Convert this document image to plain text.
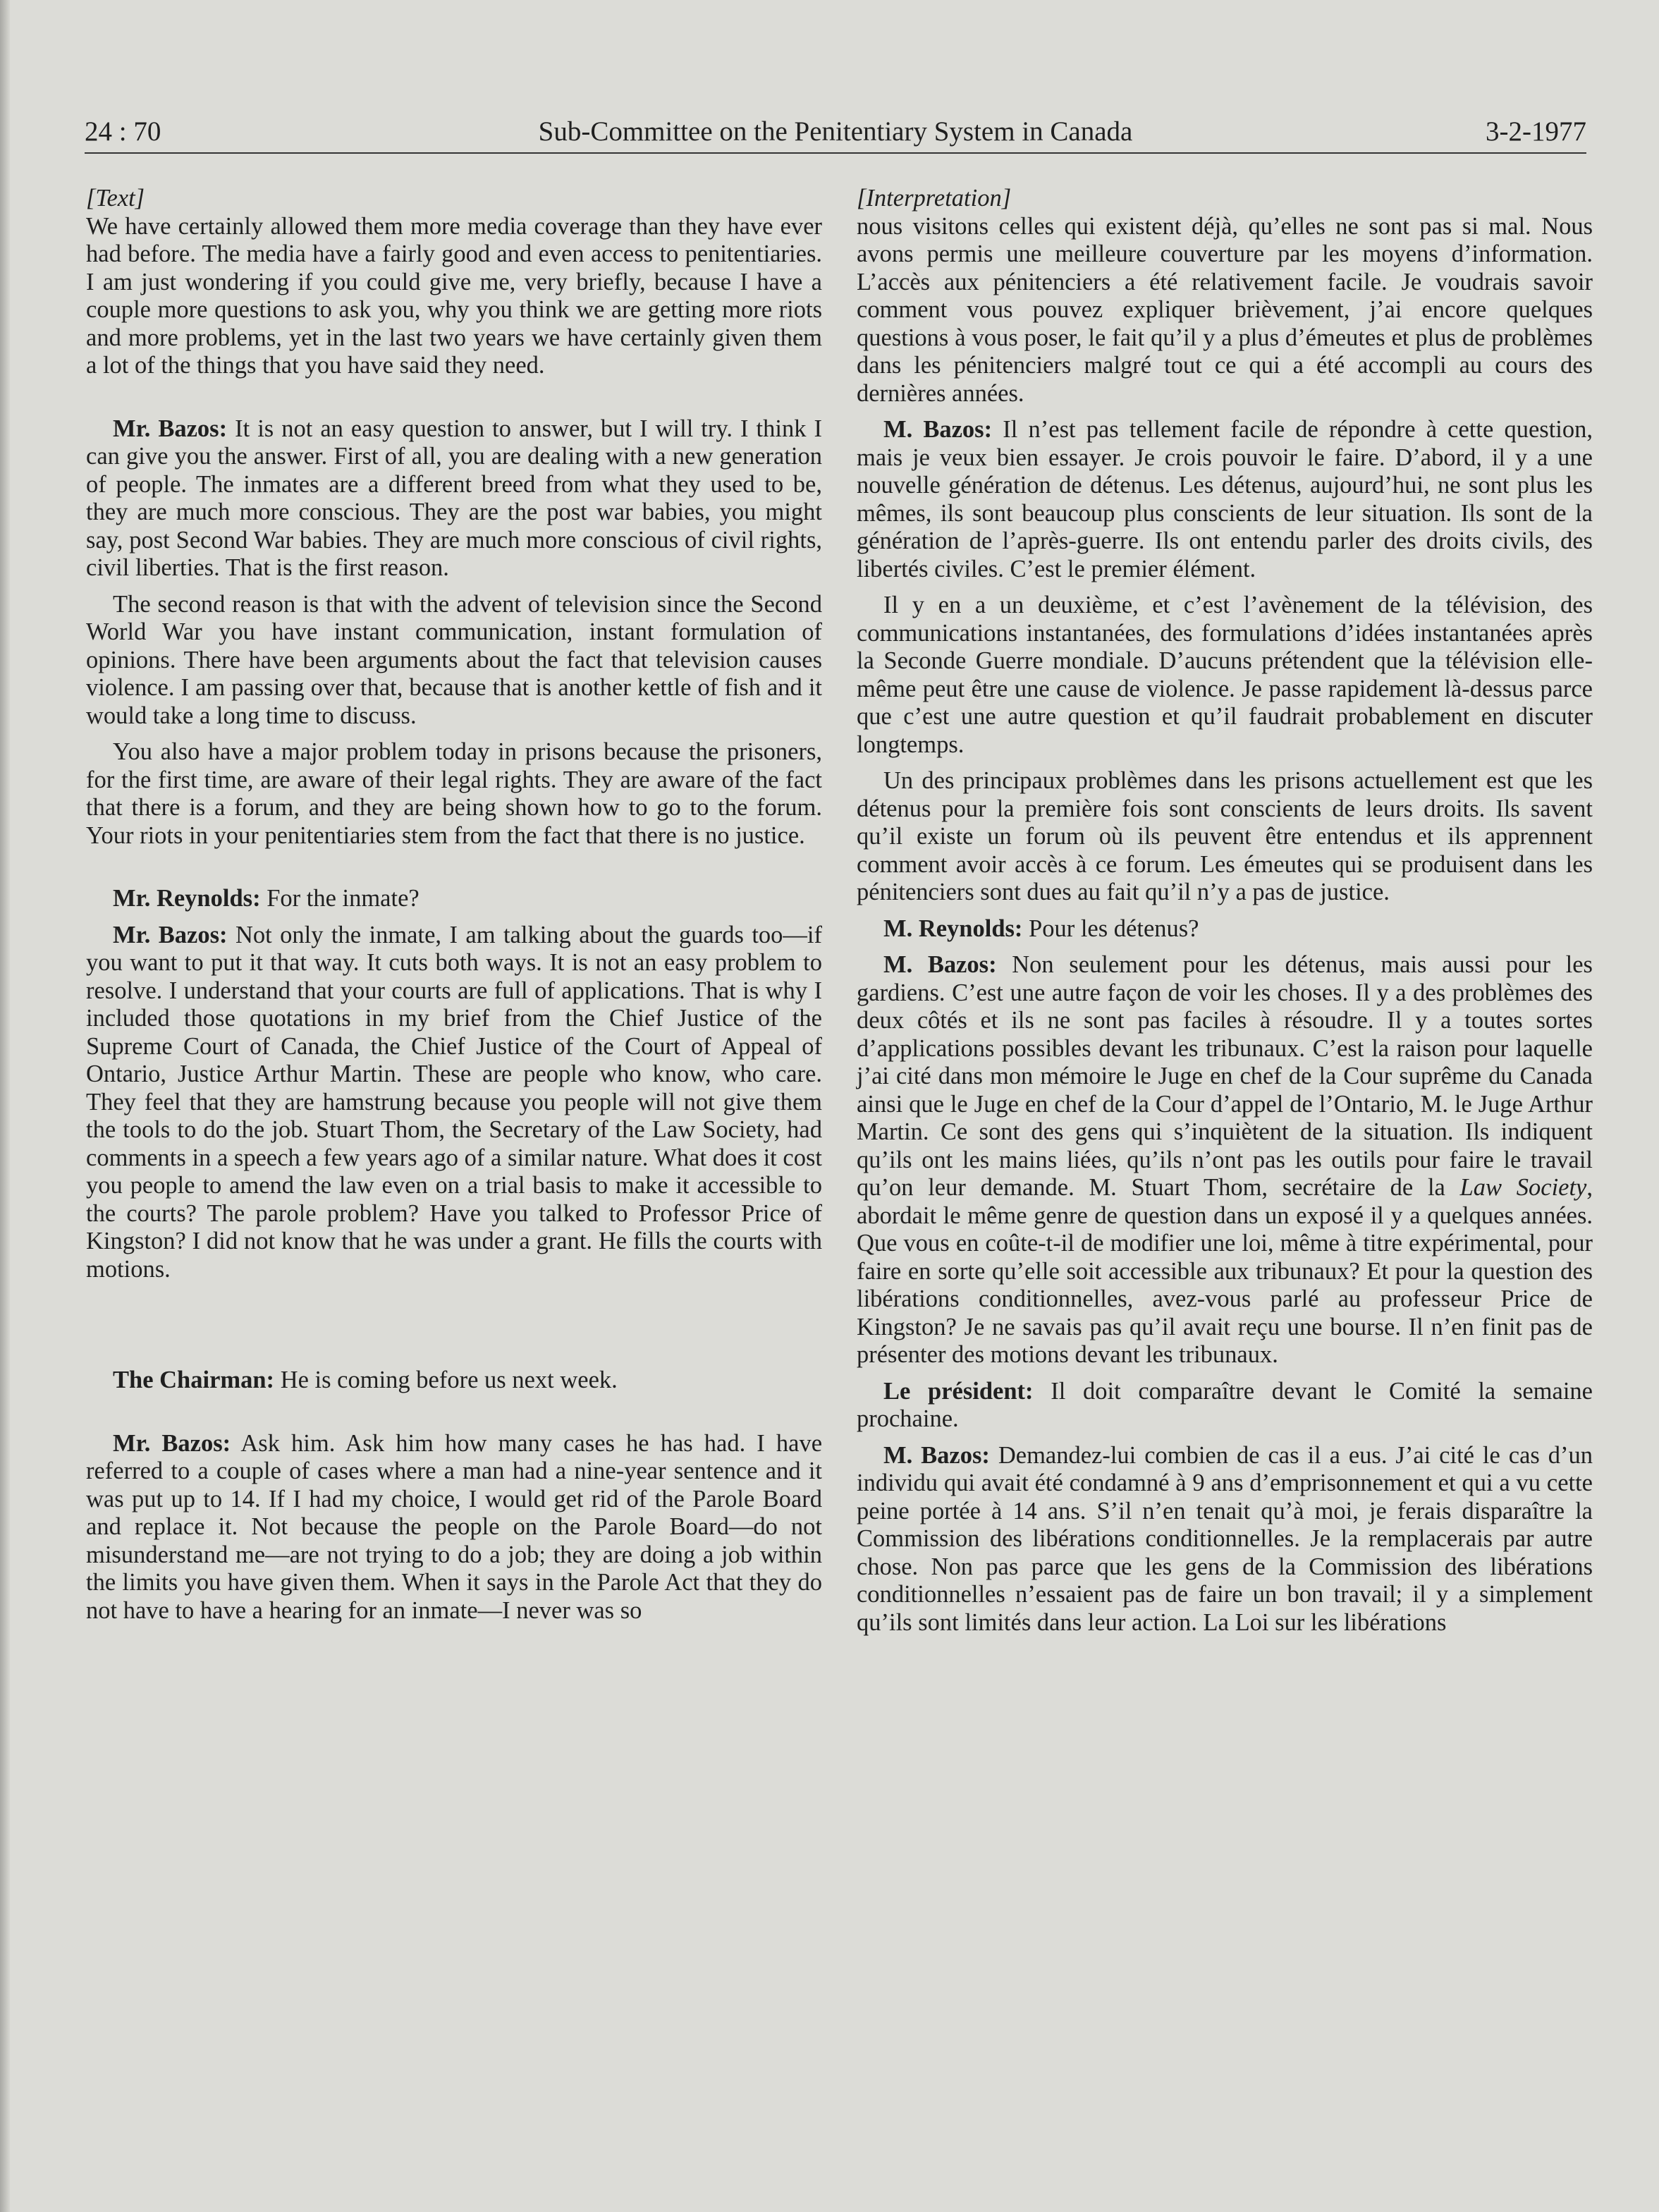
24 : 70	Sub-Committee on the Penitentiary System in Canada	3-2-1977

[Text]

We have certainly allowed them more media coverage than they have ever had before. The media have a fairly good and even access to penitentiaries. I am just wondering if you could give me, very briefly, because I have a couple more questions to ask you, why you think we are getting more riots and more problems, yet in the last two years we have certainly given them a lot of the things that you have said they need.

Mr. Bazos: It is not an easy question to answer, but I will try. I think I can give you the answer. First of all, you are dealing with a new generation of people. The inmates are a different breed from what they used to be, they are much more conscious. They are the post war babies, you might say, post Second War babies. They are much more conscious of civil rights, civil liberties. That is the first reason.

The second reason is that with the advent of television since the Second World War you have instant communication, instant formulation of opinions. There have been arguments about the fact that television causes violence. I am passing over that, because that is another kettle of fish and it would take a long time to discuss.

You also have a major problem today in prisons because the prisoners, for the first time, are aware of their legal rights. They are aware of the fact that there is a forum, and they are being shown how to go to the forum. Your riots in your penitentiaries stem from the fact that there is no justice.

Mr. Reynolds: For the inmate?

Mr. Bazos: Not only the inmate, I am talking about the guards too—if you want to put it that way. It cuts both ways. It is not an easy problem to resolve. I understand that your courts are full of applications. That is why I included those quotations in my brief from the Chief Justice of the Supreme Court of Canada, the Chief Justice of the Court of Appeal of Ontario, Justice Arthur Martin. These are people who know, who care. They feel that they are hamstrung because you people will not give them the tools to do the job. Stuart Thom, the Secretary of the Law Society, had comments in a speech a few years ago of a similar nature. What does it cost you people to amend the law even on a trial basis to make it accessible to the courts? The parole problem? Have you talked to Professor Price of Kingston? I did not know that he was under a grant. He fills the courts with motions.

The Chairman: He is coming before us next week.

Mr. Bazos: Ask him. Ask him how many cases he has had. I have referred to a couple of cases where a man had a nine-year sentence and it was put up to 14. If I had my choice, I would get rid of the Parole Board and replace it. Not because the people on the Parole Board—do not misunderstand me—are not trying to do a job; they are doing a job within the limits you have given them. When it says in the Parole Act that they do not have to have a hearing for an inmate—I never was so

[Interpretation]

nous visitons celles qui existent déjà, qu’elles ne sont pas si mal. Nous avons permis une meilleure couverture par les moyens d’information. L’accès aux pénitenciers a été relativement facile. Je voudrais savoir comment vous pouvez expliquer brièvement, j’ai encore quelques questions à vous poser, le fait qu’il y a plus d’émeutes et plus de problèmes dans les pénitenciers malgré tout ce qui a été accompli au cours des dernières années.

M. Bazos: Il n’est pas tellement facile de répondre à cette question, mais je veux bien essayer. Je crois pouvoir le faire. D’abord, il y a une nouvelle génération de détenus. Les détenus, aujourd’hui, ne sont plus les mêmes, ils sont beaucoup plus conscients de leur situation. Ils sont de la génération de l’après-guerre. Ils ont entendu parler des droits civils, des libertés civiles. C’est le premier élément.

Il y en a un deuxième, et c’est l’avènement de la télévision, des communications instantanées, des formulations d’idées instantanées après la Seconde Guerre mondiale. D’aucuns prétendent que la télévision elle-même peut être une cause de violence. Je passe rapidement là-dessus parce que c’est une autre question et qu’il faudrait probablement en discuter longtemps.

Un des principaux problèmes dans les prisons actuellement est que les détenus pour la première fois sont conscients de leurs droits. Ils savent qu’il existe un forum où ils peuvent être entendus et ils apprennent comment avoir accès à ce forum. Les émeutes qui se produisent dans les pénitenciers sont dues au fait qu’il n’y a pas de justice.

M. Reynolds: Pour les détenus?

M. Bazos: Non seulement pour les détenus, mais aussi pour les gardiens. C’est une autre façon de voir les choses. Il y a des problèmes des deux côtés et ils ne sont pas faciles à résoudre. Il y a toutes sortes d’applications possibles devant les tribunaux. C’est la raison pour laquelle j’ai cité dans mon mémoire le Juge en chef de la Cour suprême du Canada ainsi que le Juge en chef de la Cour d’appel de l’Ontario, M. le Juge Arthur Martin. Ce sont des gens qui s’inquiètent de la situation. Ils indiquent qu’ils ont les mains liées, qu’ils n’ont pas les outils pour faire le travail qu’on leur demande. M. Stuart Thom, secrétaire de la Law Society, abordait le même genre de question dans un exposé il y a quelques années. Que vous en coûte-t-il de modifier une loi, même à titre expérimental, pour faire en sorte qu’elle soit accessible aux tribunaux? Et pour la question des libérations conditionnelles, avez-vous parlé au professeur Price de Kingston? Je ne savais pas qu’il avait reçu une bourse. Il n’en finit pas de présenter des motions devant les tribunaux.

Le président: Il doit comparaître devant le Comité la semaine prochaine.

M. Bazos: Demandez-lui combien de cas il a eus. J’ai cité le cas d’un individu qui avait été condamné à 9 ans d’emprisonnement et qui a vu cette peine portée à 14 ans. S’il n’en tenait qu’à moi, je ferais disparaître la Commission des libérations conditionnelles. Je la remplacerais par autre chose. Non pas parce que les gens de la Commission des libérations conditionnelles n’essaient pas de faire un bon travail; il y a simplement qu’ils sont limités dans leur action. La Loi sur les libérations
